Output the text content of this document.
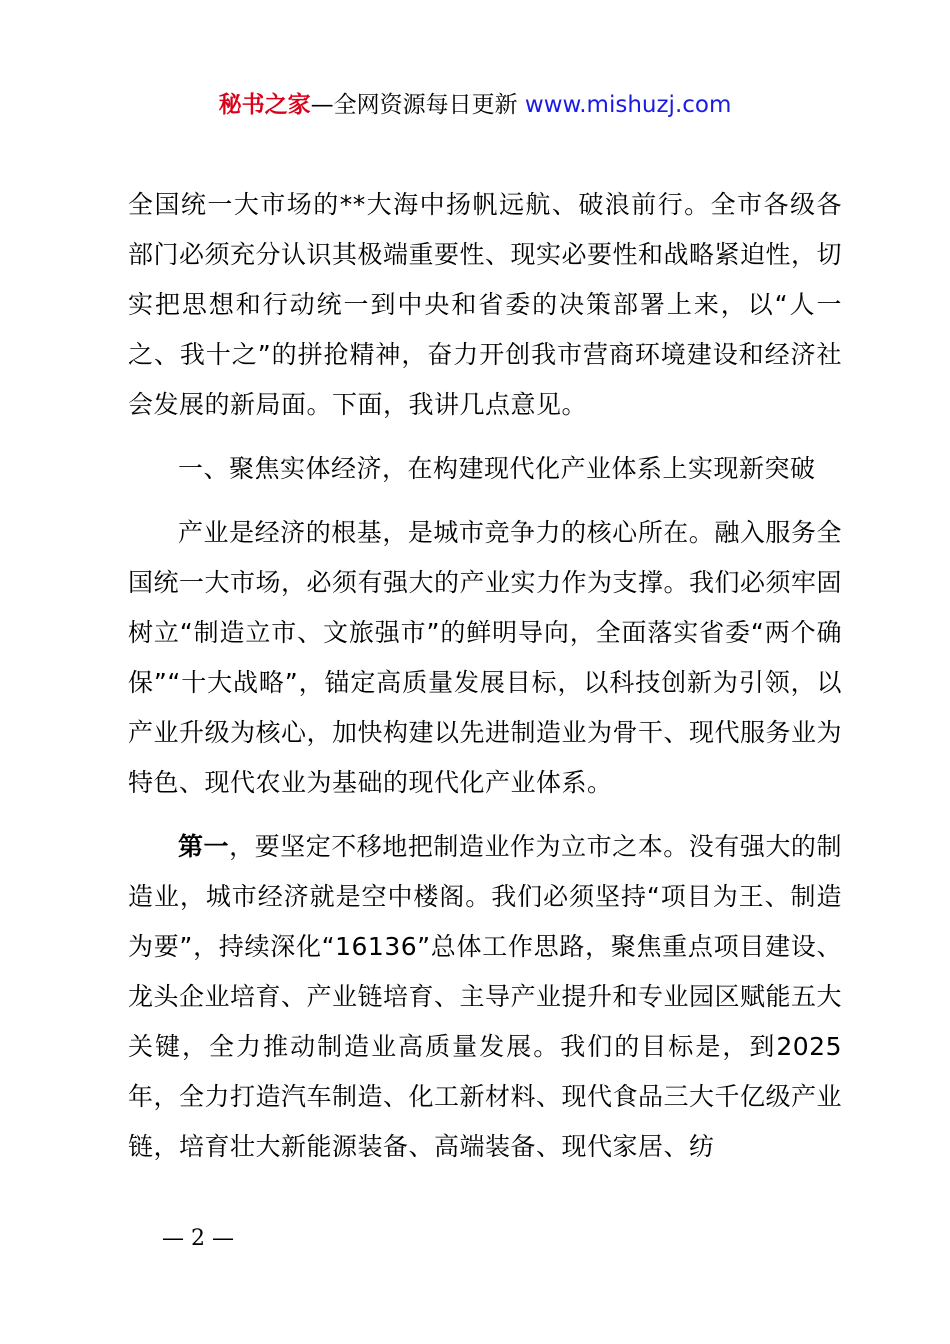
秘书之家—全网资源每日更新 www.mishuzj.com

全国统一大市场的**大海中扬帆远航、破浪前行。全市各级各部门必须充分认识其极端重要性、现实必要性和战略紧迫性，切实把思想和行动统一到中央和省委的决策部署上来，以“人一之、我十之”的拼抢精神，奋力开创我市营商环境建设和经济社会发展的新局面。下面，我讲几点意见。

一、聚焦实体经济，在构建现代化产业体系上实现新突破

产业是经济的根基，是城市竞争力的核心所在。融入服务全国统一大市场，必须有强大的产业实力作为支撑。我们必须牢固树立“制造立市、文旅强市”的鲜明导向，全面落实省委“两个确保”“十大战略”，锚定高质量发展目标，以科技创新为引领，以产业升级为核心，加快构建以先进制造业为骨干、现代服务业为特色、现代农业为基础的现代化产业体系。

第一，要坚定不移地把制造业作为立市之本。没有强大的制造业，城市经济就是空中楼阁。我们必须坚持“项目为王、制造为要”，持续深化“16136”总体工作思路，聚焦重点项目建设、龙头企业培育、产业链培育、主导产业提升和专业园区赋能五大关键，全力推动制造业高质量发展。我们的目标是，到2025年，全力打造汽车制造、化工新材料、现代食品三大千亿级产业链，培育壮大新能源装备、高端装备、现代家居、纺

— 2 —
